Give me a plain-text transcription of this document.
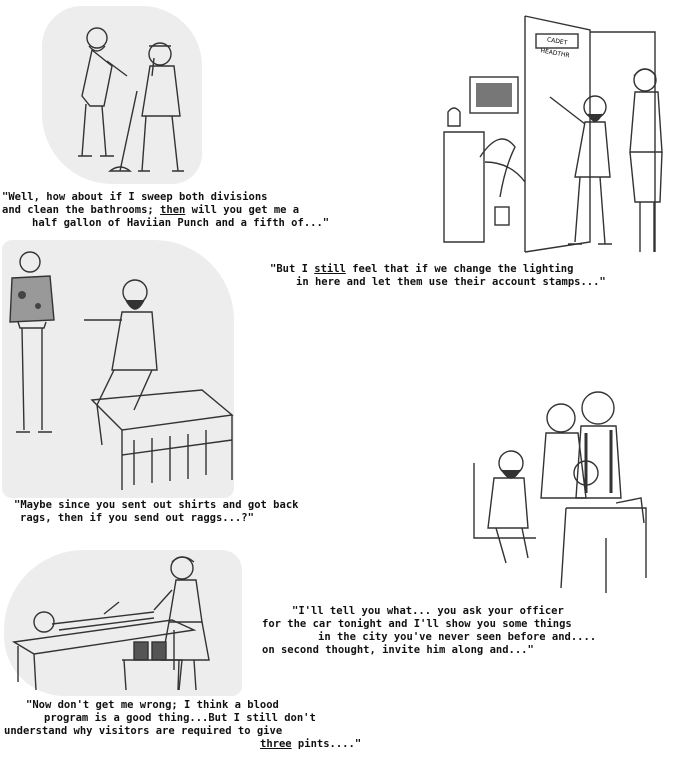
"Well, how about if I sweep both divisions
and clean the bathrooms; then will you get me a
half gallon of Haviian Punch and a fifth of..."
CADET HEADTHR
"But I still feel that if we change the lighting
in here and let them use their account stamps..."
"Maybe since you sent out shirts and got back
rags, then if you send out raggs...?"
"I'll tell you what... you ask your officer
for the car tonight and I'll show you some things
in the city you've never seen before and....
on second thought, invite him along and..."
"Now don't get me wrong; I think a blood
program is a good thing...But I still don't
understand why visitors are required to give
three pints...."
